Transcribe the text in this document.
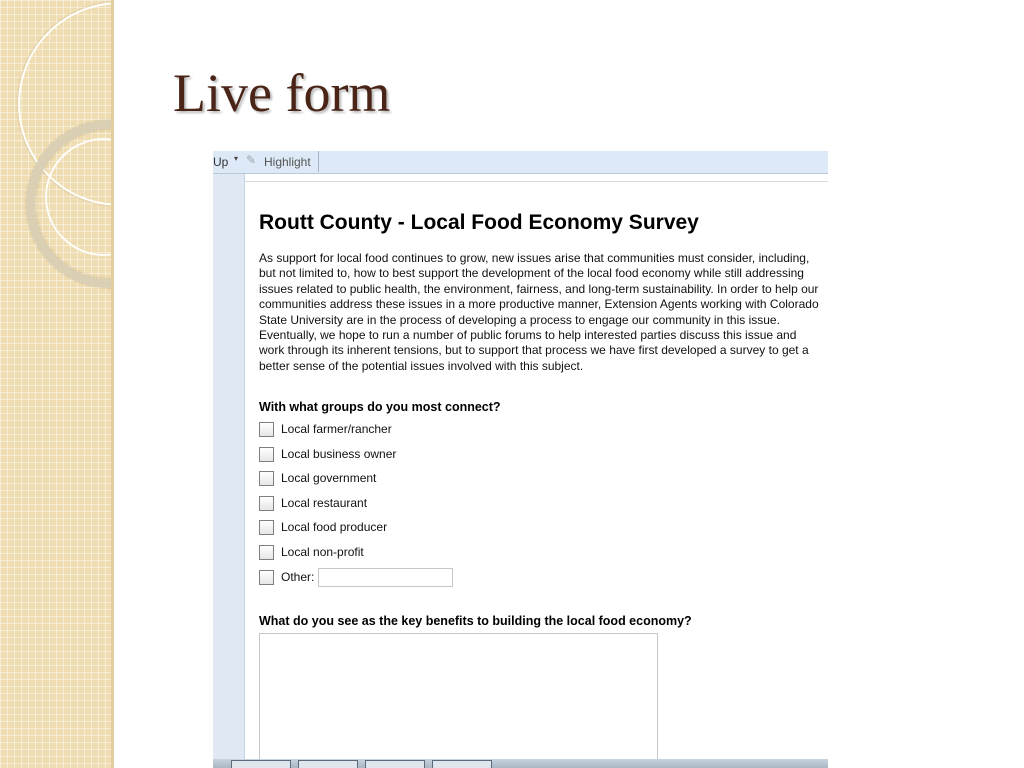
Live form
Up ▾ ✎ Highlight
Routt County - Local Food Economy Survey
As support for local food continues to grow, new issues arise that communities must consider, including, but not limited to, how to best support the development of the local food economy while still addressing issues related to public health, the environment, fairness, and long-term sustainability. In order to help our communities address these issues in a more productive manner, Extension Agents working with Colorado State University are in the process of developing a process to engage our community in this issue. Eventually, we hope to run a number of public forums to help interested parties discuss this issue and work through its inherent tensions, but to support that process we have first developed a survey to get a better sense of the potential issues involved with this subject.
With what groups do you most connect?
Local farmer/rancher
Local business owner
Local government
Local restaurant
Local food producer
Local non-profit
Other:
What do you see as the key benefits to building the local food economy?
